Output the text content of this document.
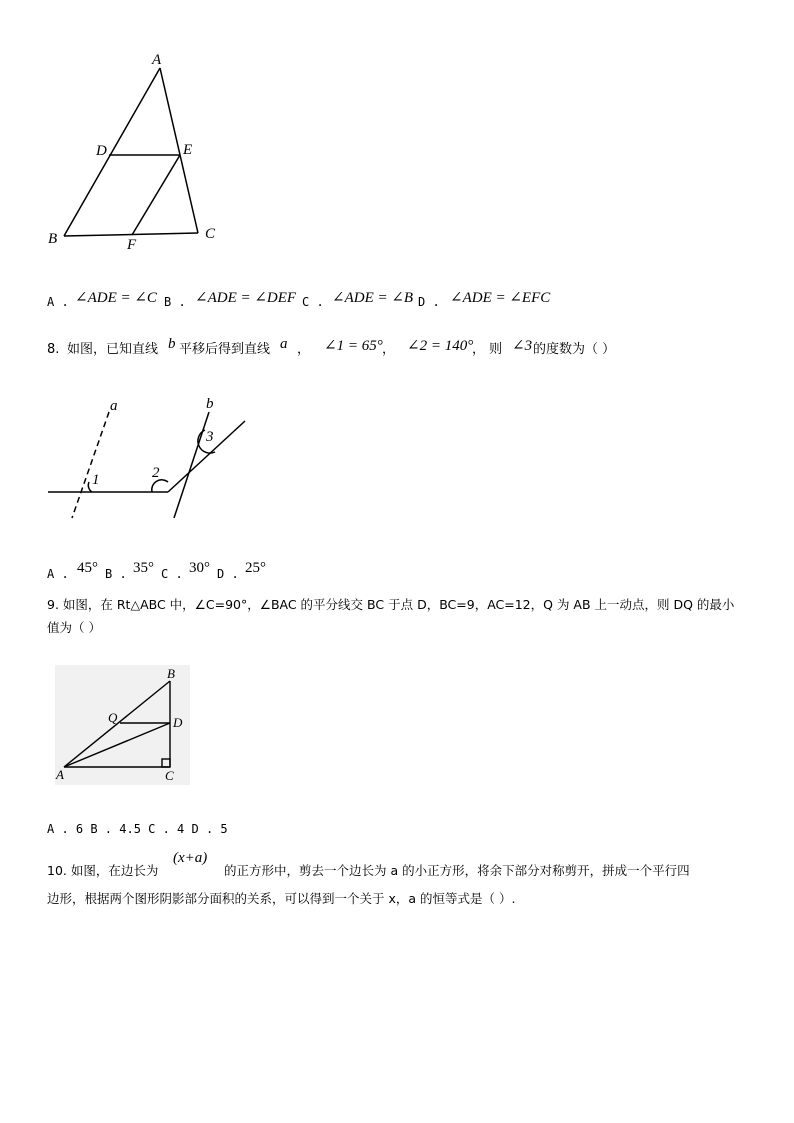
A
D	E
B	F
C
A . ∠ADE = ∠C B . ∠ADE = ∠DEF C . ∠ADE = ∠B D . ∠ADE = ∠EFC
8. 如图，已知直线 b 平移后得到直线 a ， ∠1 = 65° ， ∠2 = 140°
， 则 ∠3 的度数为（ ）
a	b
1	2
3
A . 45° B . 35° C . 30° D . 25°
9. 如图，在 Rt△ABC 中，∠C=90°，∠BAC 的平分线交 BC 于点 D，BC=9，AC=12，Q 为 AB 上一动点，则 DQ 的最小
值为（ ）
B
Q	D
A	C
A . 6 B . 4.5 C . 4 D . 5
10. 如图，在边长为
(x+a)
的正方形中，剪去一个边长为 a 的小正方形，将余下部分对称剪开，拼成一个平行四
边形，根据两个图形阴影部分面积的关系，可以得到一个关于 x，a 的恒等式是（ ）.
